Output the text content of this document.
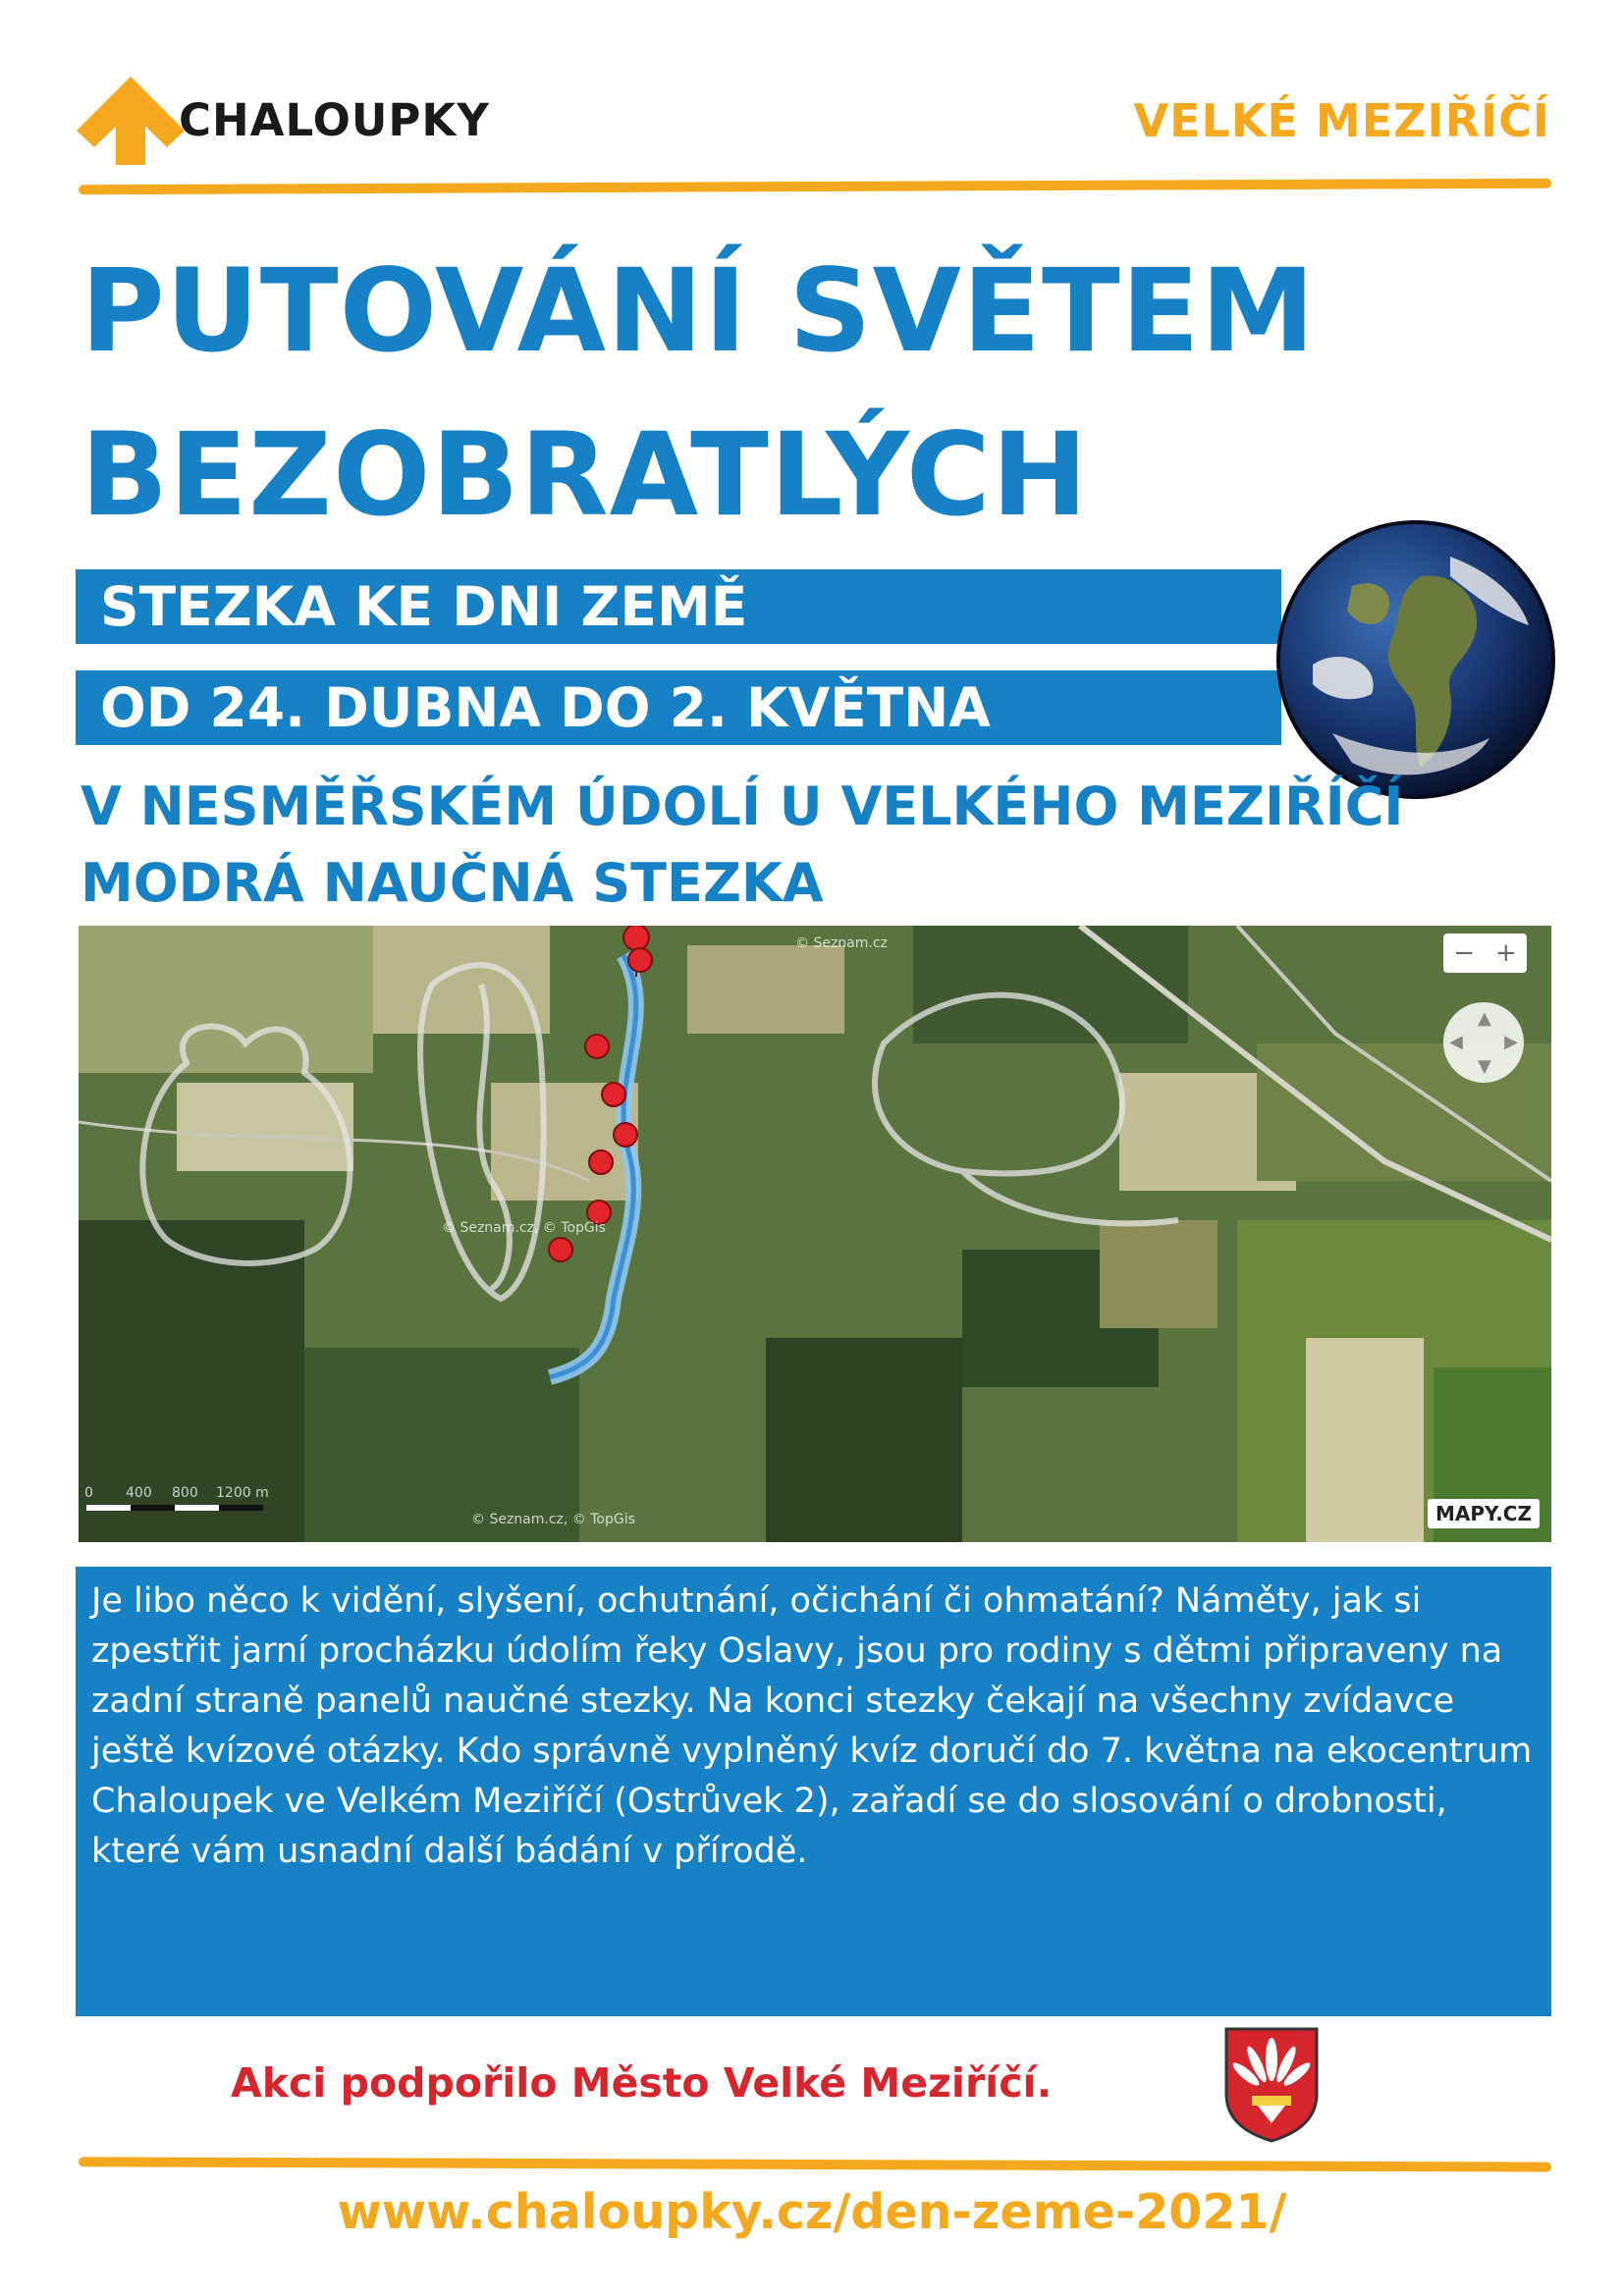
CHALOUPKY	VELKÉ MEZIŘÍČÍ
PUTOVÁNÍ SVĚTEM
BEZOBRATLÝCH
STEZKA KE DNI ZEMĚ
OD 24. DUBNA DO 2. KVĚTNA
V NESMĚŘSKÉM ÚDOLÍ U VELKÉHO MEZIŘÍČÍ
MODRÁ NAUČNÁ STEZKA
− +
▲
▼
◀ ▶
© Seznam.cz
© Seznam.cz, © TopGis
© Seznam.cz, © TopGis
0 400 800 1200 m
MAPY.CZ

Je libo něco k vidění, slyšení, ochutnání, očichání či ohmatání? Náměty, jak si zpestřit jarní procházku údolím řeky Oslavy, jsou pro rodiny s dětmi připraveny na zadní straně panelů naučné stezky. Na konci stezky čekají na všechny zvídavce ještě kvízové otázky. Kdo správně vyplněný kvíz doručí do 7. května na ekocentrum Chaloupek ve Velkém Meziříčí (Ostrůvek 2), zařadí se do slosování o drobnosti, které vám usnadní další bádání v přírodě.

Akci podpořilo Město Velké Meziříčí.
www.chaloupky.cz/den-zeme-2021/
